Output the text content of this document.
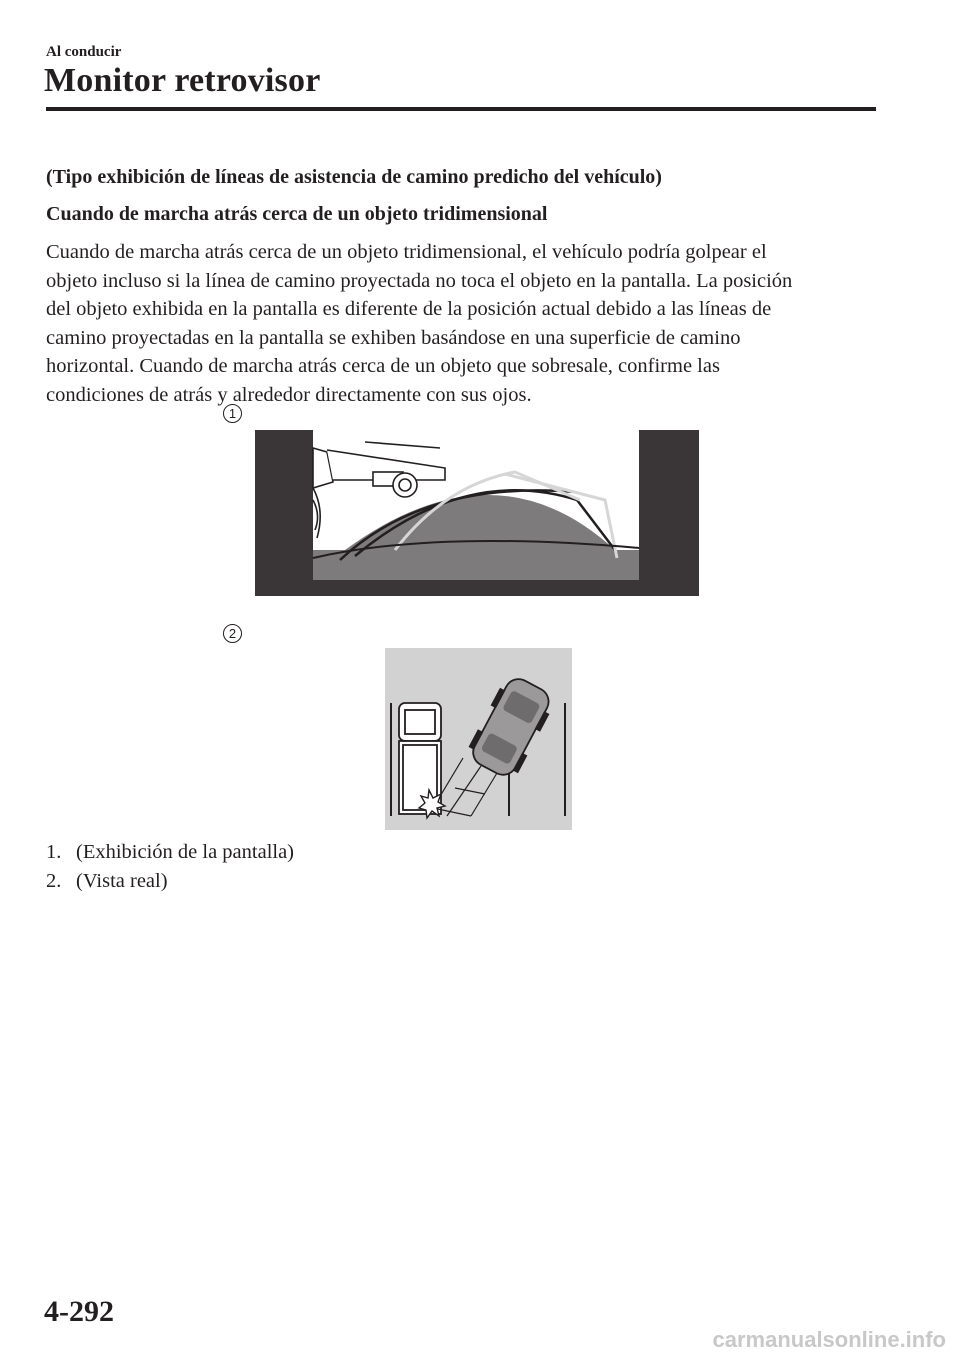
Al conducir
Monitor retrovisor
(Tipo exhibición de líneas de asistencia de camino predicho del vehículo)
Cuando de marcha atrás cerca de un objeto tridimensional
Cuando de marcha atrás cerca de un objeto tridimensional, el vehículo podría golpear el
objeto incluso si la línea de camino proyectada no toca el objeto en la pantalla. La posición
del objeto exhibida en la pantalla es diferente de la posición actual debido a las líneas de
camino proyectadas en la pantalla se exhiben basándose en una superficie de camino
horizontal. Cuando de marcha atrás cerca de un objeto que sobresale, confirme las
condiciones de atrás y alrededor directamente con sus ojos.
1
2
1. (Exhibición de la pantalla)
2. (Vista real)
4-292
carmanualsonline.info
